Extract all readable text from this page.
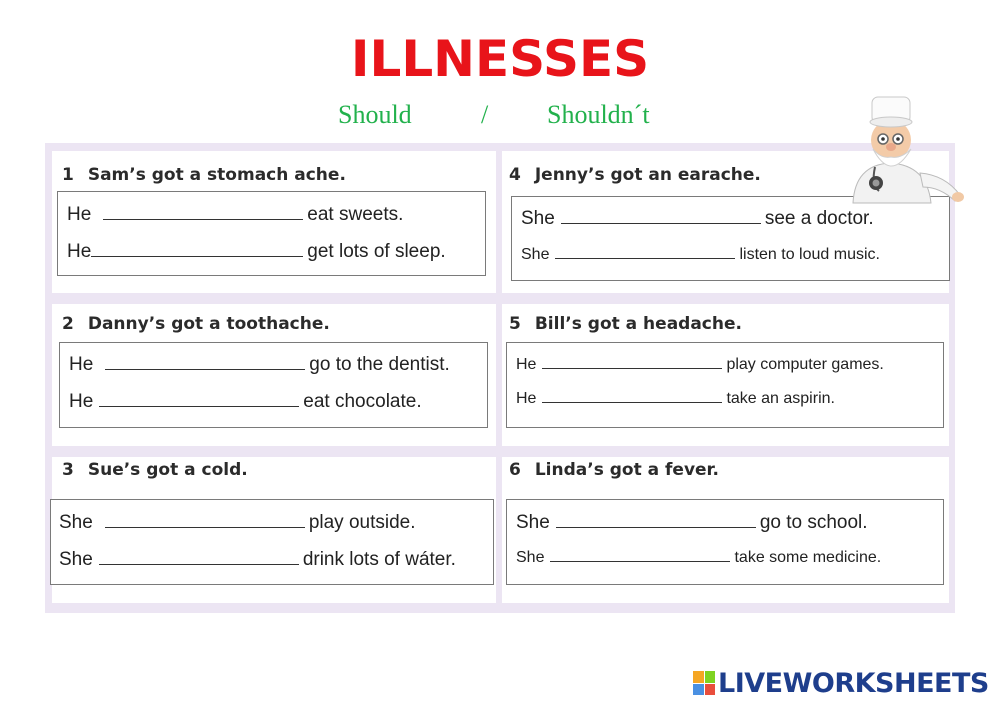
ILLNESSES
Should	/ Shouldn´t
1 Sam’s got a stomach ache.
He	eat sweets.
He	get lots of sleep.
2 Danny’s got a toothache.
He	go to the dentist.
He	eat chocolate.
3 Sue’s got a cold.
She	play outside.
She	drink lots of wáter.
4 Jenny’s got an earache.
She	see a doctor.
She	listen to loud music.
5 Bill’s got a headache.
He	play computer games.
He	take an aspirin.
6 Linda’s got a fever.
She	go to school.
She	take some medicine.
LIVEWORKSHEETS
